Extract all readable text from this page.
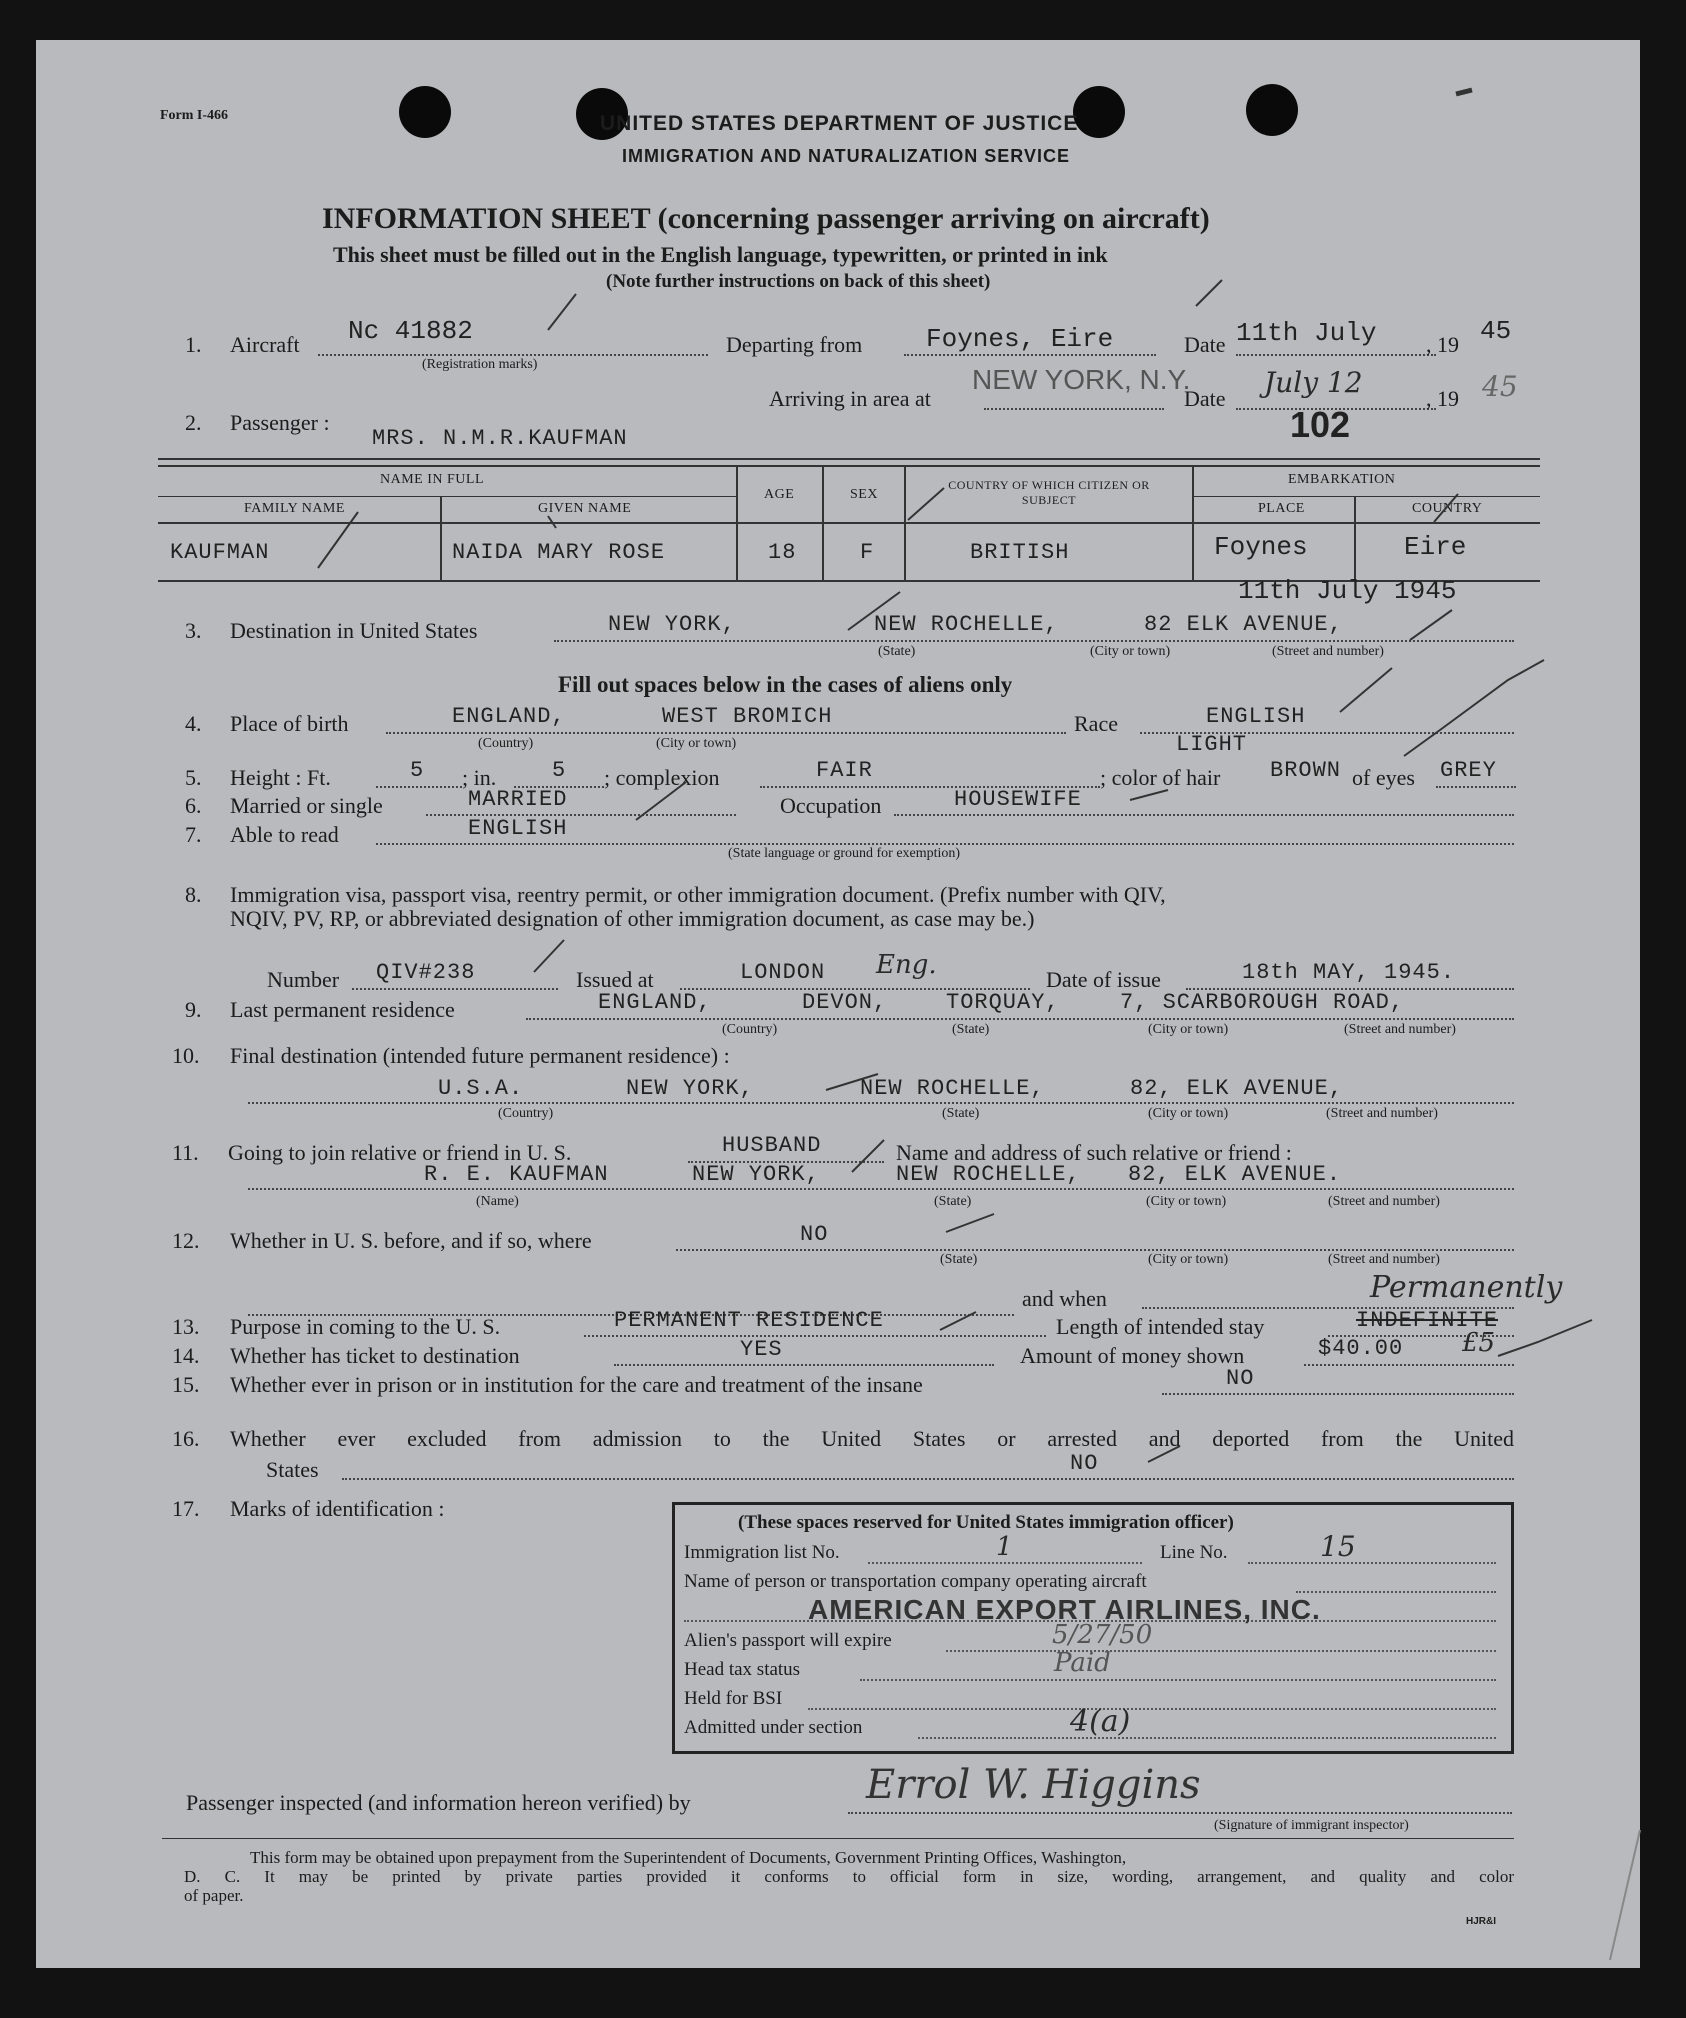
Form I-466	UNITED STATES DEPARTMENT OF JUSTICE
IMMIGRATION AND NATURALIZATION SERVICE
INFORMATION SHEET (concerning passenger arriving on aircraft)
This sheet must be filled out in the English language, typewritten, or printed in ink
(Note further instructions on back of this sheet)
1. Aircraft Nc 41882
(Registration marks)
Departing from Foynes, Eire	Date 11th July , 19 45
Arriving in area at
NEW YORK, N.Y.
Date July 12	, 19 45
2. Passenger :
MRS. N.M.R.KAUFMAN	102
NAME IN FULL
FAMILY NAME	GIVEN NAME
AGE	SEX
COUNTRY OF WHICH CITIZEN OR SUBJECT
EMBARKATION
PLACE	COUNTRY
KAUFMAN	NAIDA MARY ROSE	18	F	BRITISH	Foynes	Eire
11th July 1945
3. Destination in United States	NEW YORK,	NEW ROCHELLE,	82 ELK AVENUE,
(State)	(City or town)	(Street and number)
Fill out spaces below in the cases of aliens only
4. Place of birth	ENGLAND,	WEST BROMICH
(Country)	(City or town)
Race	ENGLISH
5. Height : Ft.	5 ; in.	5 ; complexion	FAIR	; color of hair
LIGHT
BROWN of eyes GREY
6. Married or single	MARRIED	Occupation	HOUSEWIFE
7. Able to read	ENGLISH
(State language or ground for exemption)
8. Immigration visa, passport visa, reentry permit, or other immigration document. (Prefix number with QIV,
NQIV, PV, RP, or abbreviated designation of other immigration document, as case may be.)
Number QIV#238	Issued at	LONDON Eng.	Date of issue	18th MAY, 1945.
9. Last permanent residence	ENGLAND,	DEVON,	TORQUAY,	7, SCARBOROUGH ROAD,
(Country)	(State)	(City or town)	(Street and number)
10. Final destination (intended future permanent residence) :
U.S.A.	NEW YORK,	NEW ROCHELLE,	82, ELK AVENUE,
(Country)	(State)	(City or town)	(Street and number)
11. Going to join relative or friend in U. S.	HUSBAND	Name and address of such relative or friend :
R. E. KAUFMAN	NEW YORK,	NEW ROCHELLE, 82, ELK AVENUE.
(Name)	(State)	(City or town)	(Street and number)
12. Whether in U. S. before, and if so, where	NO
(State)	(City or town)	(Street and number)
and when	Permanently
13. Purpose in coming to the U. S.	PERMANENT RESIDENCE	Length of intended stay	INDEFINITE
14. Whether has ticket to destination	YES	Amount of money shown	$40.00 £5
15. Whether ever in prison or in institution for the care and treatment of the insane	NO
16. Whether ever excluded from admission to the United States or arrested and deported from the United
States	NO
17. Marks of identification :
(These spaces reserved for United States immigration officer)
Immigration list No.	1	Line No.	15
Name of person or transportation company operating aircraft
AMERICAN EXPORT AIRLINES, INC.
Alien's passport will expire	5/27/50
Head tax status	Paid
Held for BSI
Admitted under section	4(a)
Passenger inspected (and information hereon verified) by	Errol W. Higgins
(Signature of immigrant inspector)
This form may be obtained upon prepayment from the Superintendent of Documents, Government Printing Offices, Washington,
D. C. It may be printed by private parties provided it conforms to official form in size, wording, arrangement, and quality and color
of paper.
HJR&I
